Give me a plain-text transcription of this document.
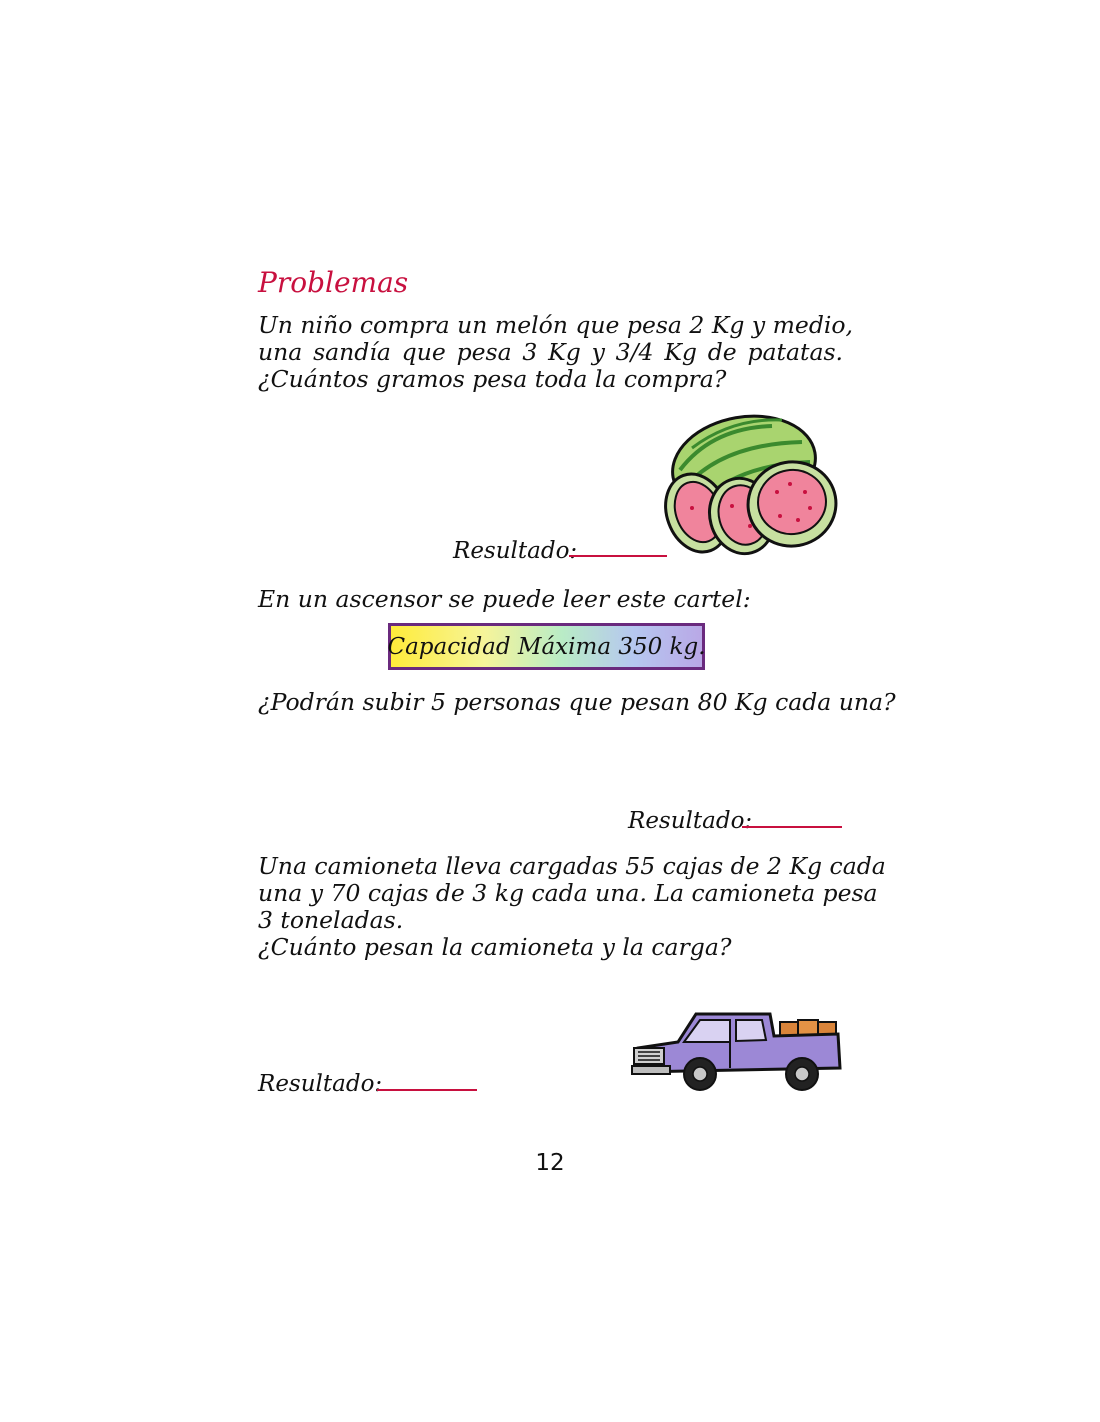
Problemas
Un niño compra un melón que pesa 2 Kg y medio,
una sandía que pesa 3 Kg y 3/4 Kg de patatas.
¿Cuántos gramos pesa toda la compra?
Resultado:
En un ascensor se puede leer este cartel:
Capacidad Máxima 350 kg.
¿Podrán subir 5 personas que pesan 80 Kg cada una?
Resultado:
Una camioneta lleva cargadas 55 cajas de 2 Kg cada
una y 70 cajas de 3 kg cada una. La camioneta pesa
3 toneladas.
¿Cuánto pesan la camioneta y la carga?
Resultado:
12
